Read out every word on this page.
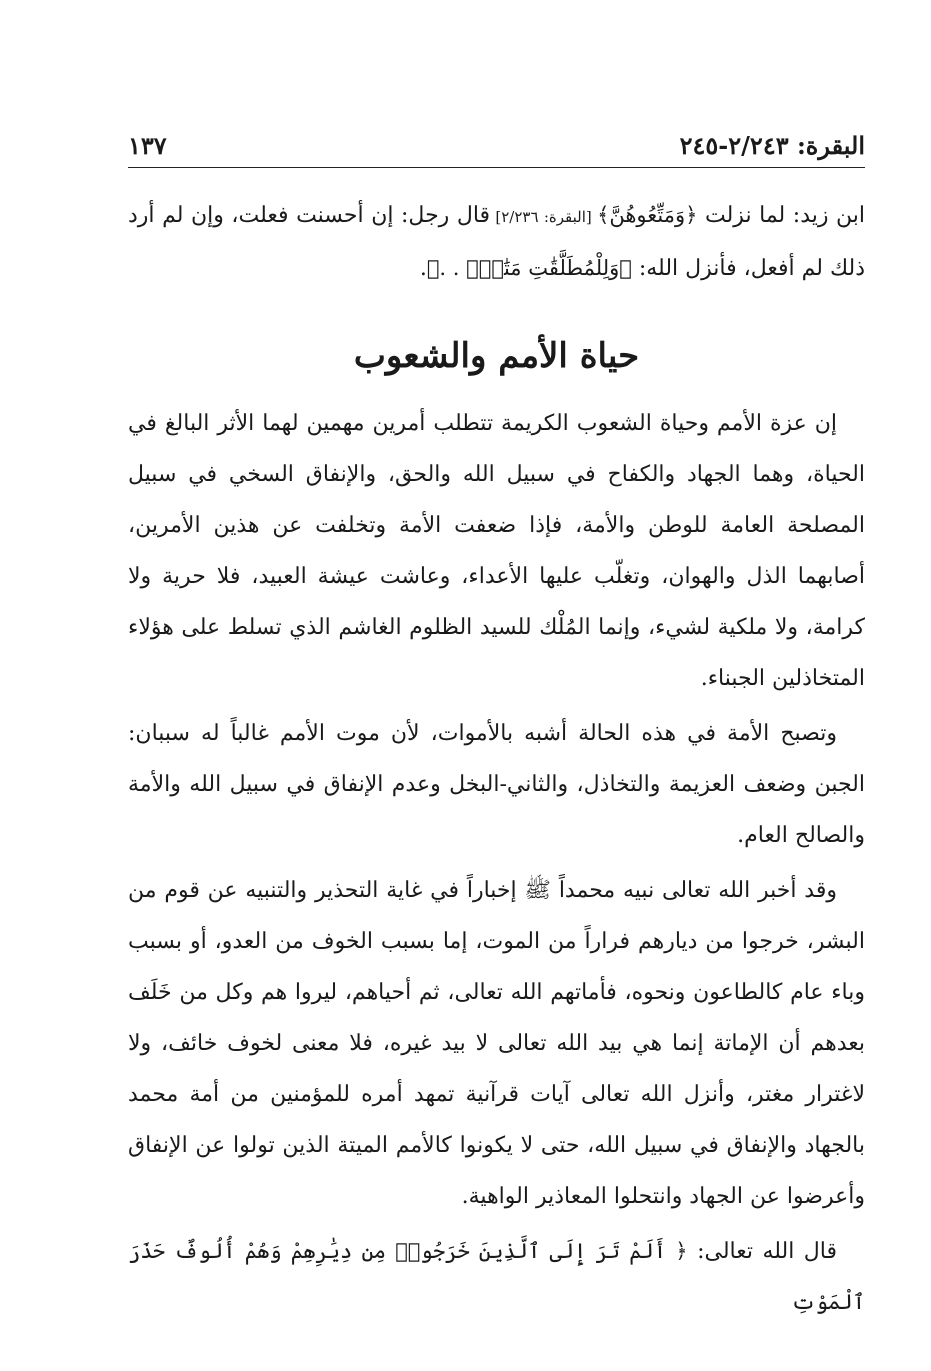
البقرة: ٢/٢٤٣-٢٤٥
١٣٧

ابن زيد: لما نزلت ﴿وَمَتِّعُوهُنَّ﴾ [البقرة: ٢/٢٣٦] قال رجل: إن أحسنت فعلت، وإن لم أرد ذلك لم أفعل، فأنزل الله: ﴿وَلِلْمُطَلَّقَٰتِ مَتَٰعٌۢ . .﴾.

حياة الأمم والشعوب

إن عزة الأمم وحياة الشعوب الكريمة تتطلب أمرين مهمين لهما الأثر البالغ في الحياة، وهما الجهاد والكفاح في سبيل الله والحق، والإنفاق السخي في سبيل المصلحة العامة للوطن والأمة، فإذا ضعفت الأمة وتخلفت عن هذين الأمرين، أصابهما الذل والهوان، وتغلّب عليها الأعداء، وعاشت عيشة العبيد، فلا حرية ولا كرامة، ولا ملكية لشيء، وإنما المُلْك للسيد الظلوم الغاشم الذي تسلط على هؤلاء المتخاذلين الجبناء.

وتصبح الأمة في هذه الحالة أشبه بالأموات، لأن موت الأمم غالباً له سببان: الجبن وضعف العزيمة والتخاذل، والثاني-البخل وعدم الإنفاق في سبيل الله والأمة والصالح العام.

وقد أخبر الله تعالى نبيه محمداً ﷺ إخباراً في غاية التحذير والتنبيه عن قوم من البشر، خرجوا من ديارهم فراراً من الموت، إما بسبب الخوف من العدو، أو بسبب وباء عام كالطاعون ونحوه، فأماتهم الله تعالى، ثم أحياهم، ليروا هم وكل من خَلَف بعدهم أن الإماتة إنما هي بيد الله تعالى لا بيد غيره، فلا معنى لخوف خائف، ولا لاغترار مغتر، وأنزل الله تعالى آيات قرآنية تمهد أمره للمؤمنين من أمة محمد بالجهاد والإنفاق في سبيل الله، حتى لا يكونوا كالأمم الميتة الذين تولوا عن الإنفاق وأعرضوا عن الجهاد وانتحلوا المعاذير الواهية.

قال الله تعالى: ﴿ أَلَمْ تَرَ إِلَى ٱلَّذِينَ خَرَجُوا۟ مِن دِيَٰرِهِمْ وَهُمْ أُلُوفٌ حَذَرَ ٱلْمَوْتِ
